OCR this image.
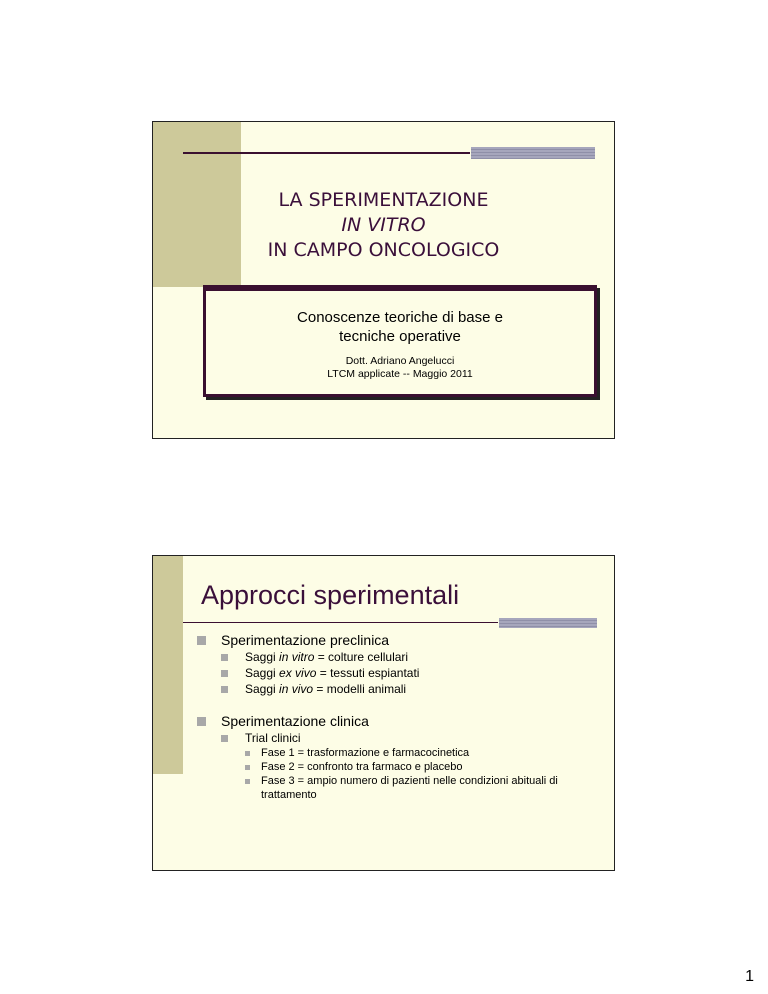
LA SPERIMENTAZIONE
IN VITRO
IN CAMPO ONCOLOGICO
Conoscenze teoriche di base e
tecniche operative
Dott. Adriano Angelucci
LTCM applicate -- Maggio 2011
Approcci sperimentali
Sperimentazione preclinica
Saggi in vitro = colture cellulari
Saggi ex vivo = tessuti espiantati
Saggi in vivo = modelli animali
Sperimentazione clinica
Trial clinici
Fase 1 = trasformazione e farmacocinetica
Fase 2 = confronto tra farmaco e placebo
Fase 3 = ampio numero di pazienti nelle condizioni abituali di trattamento
1
